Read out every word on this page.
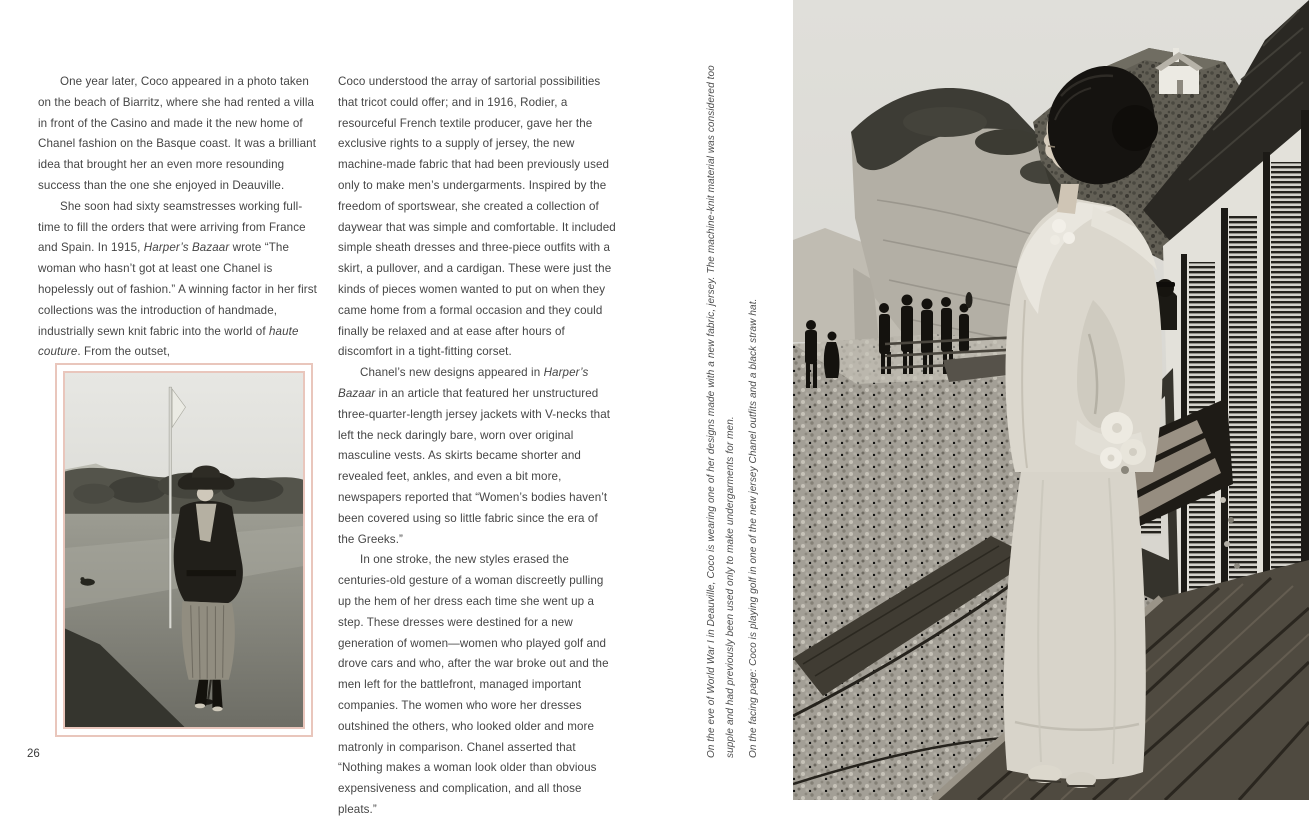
One year later, Coco appeared in a photo taken on the beach of Biarritz, where she had rented a villa in front of the Casino and made it the new home of Chanel fashion on the Basque coast. It was a brilliant idea that brought her an even more resounding success than the one she enjoyed in Deauville.

She soon had sixty seamstresses working full-time to fill the orders that were arriving from France and Spain. In 1915, Harper’s Bazaar wrote “The woman who hasn’t got at least one Chanel is hopelessly out of fashion.” A winning factor in her first collections was the introduction of handmade, industrially sewn knit fabric into the world of haute couture. From the outset,

Coco understood the array of sartorial possibilities that tricot could offer; and in 1916, Rodier, a resourceful French textile producer, gave her the exclusive rights to a supply of jersey, the new machine-made fabric that had been previously used only to make men’s undergarments. Inspired by the freedom of sportswear, she created a collection of daywear that was simple and comfortable. It included simple sheath dresses and three-piece outfits with a skirt, a pullover, and a cardigan. These were just the kinds of pieces women wanted to put on when they came home from a formal occasion and they could finally be relaxed and at ease after hours of discomfort in a tight-fitting corset.

Chanel’s new designs appeared in Harper’s Bazaar in an article that featured her unstructured three-quarter-length jersey jackets with V-necks that left the neck daringly bare, worn over original masculine vests. As skirts became shorter and revealed feet, ankles, and even a bit more, newspapers reported that “Women’s bodies haven’t been covered using so little fabric since the era of the Greeks.”

In one stroke, the new styles erased the centuries-old gesture of a woman discreetly pulling up the hem of her dress each time she went up a step. These dresses were destined for a new generation of women—women who played golf and drove cars and who, after the war broke out and the men left for the battlefront, managed important companies. The women who wore her dresses outshined the others, who looked older and more matronly in comparison. Chanel asserted that “Nothing makes a woman look older than obvious expensiveness and complication, and all those pleats.”

26	On the eve of World War I in Deauville, Coco is wearing one of her designs made with a new fabric, jersey. The machine-knit material was considered too supple and had previously been used only to make undergarments for men.	On the facing page: Coco is playing golf in one of the new jersey Chanel outfits and a black straw hat.
